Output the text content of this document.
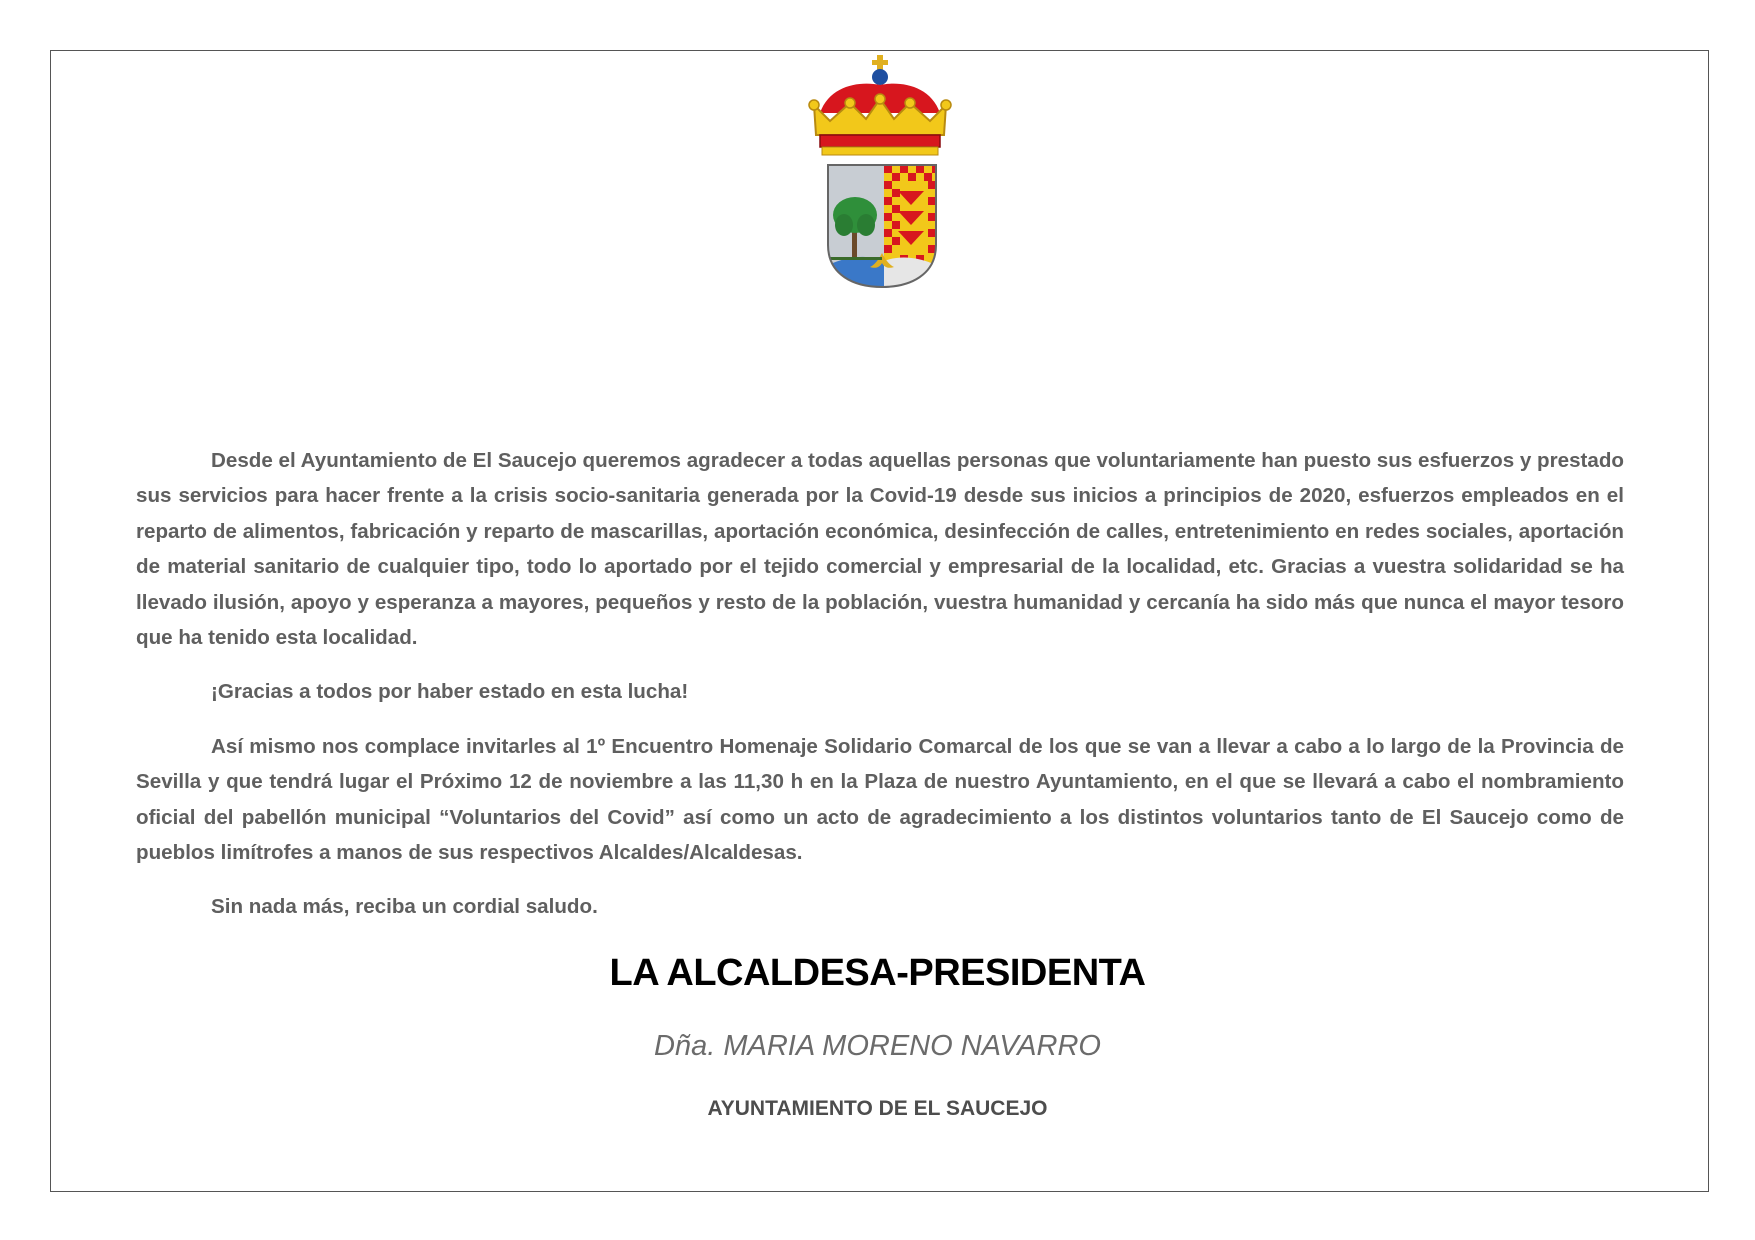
Desde el Ayuntamiento de El Saucejo queremos agradecer a todas aquellas personas que voluntariamente han puesto sus esfuerzos y prestado sus servicios para hacer frente a la crisis socio-sanitaria generada por la Covid-19 desde sus inicios a principios de 2020, esfuerzos empleados en el reparto de alimentos, fabricación y reparto de mascarillas, aportación económica, desinfección de calles, entretenimiento en redes sociales, aportación de material sanitario de cualquier tipo, todo lo aportado por el tejido comercial y empresarial de la localidad, etc. Gracias a vuestra solidaridad se ha llevado ilusión, apoyo y esperanza a mayores, pequeños y resto de la población, vuestra humanidad y cercanía ha sido más que nunca el mayor tesoro que ha tenido esta localidad.

¡Gracias a todos por haber estado en esta lucha!

Así mismo nos complace invitarles al 1º Encuentro Homenaje Solidario Comarcal de los que se van a llevar a cabo a lo largo de la Provincia de Sevilla y que tendrá lugar el Próximo 12 de noviembre a las 11,30 h en la Plaza de nuestro Ayuntamiento, en el que se llevará a cabo el nombramiento oficial del pabellón municipal “Voluntarios del Covid” así como un acto de agradecimiento a los distintos voluntarios tanto de El Saucejo como de pueblos limítrofes a manos de sus respectivos Alcaldes/Alcaldesas.

Sin nada más, reciba un cordial saludo.

LA ALCALDESA-PRESIDENTA
Dña. MARIA MORENO NAVARRO
AYUNTAMIENTO DE EL SAUCEJO
